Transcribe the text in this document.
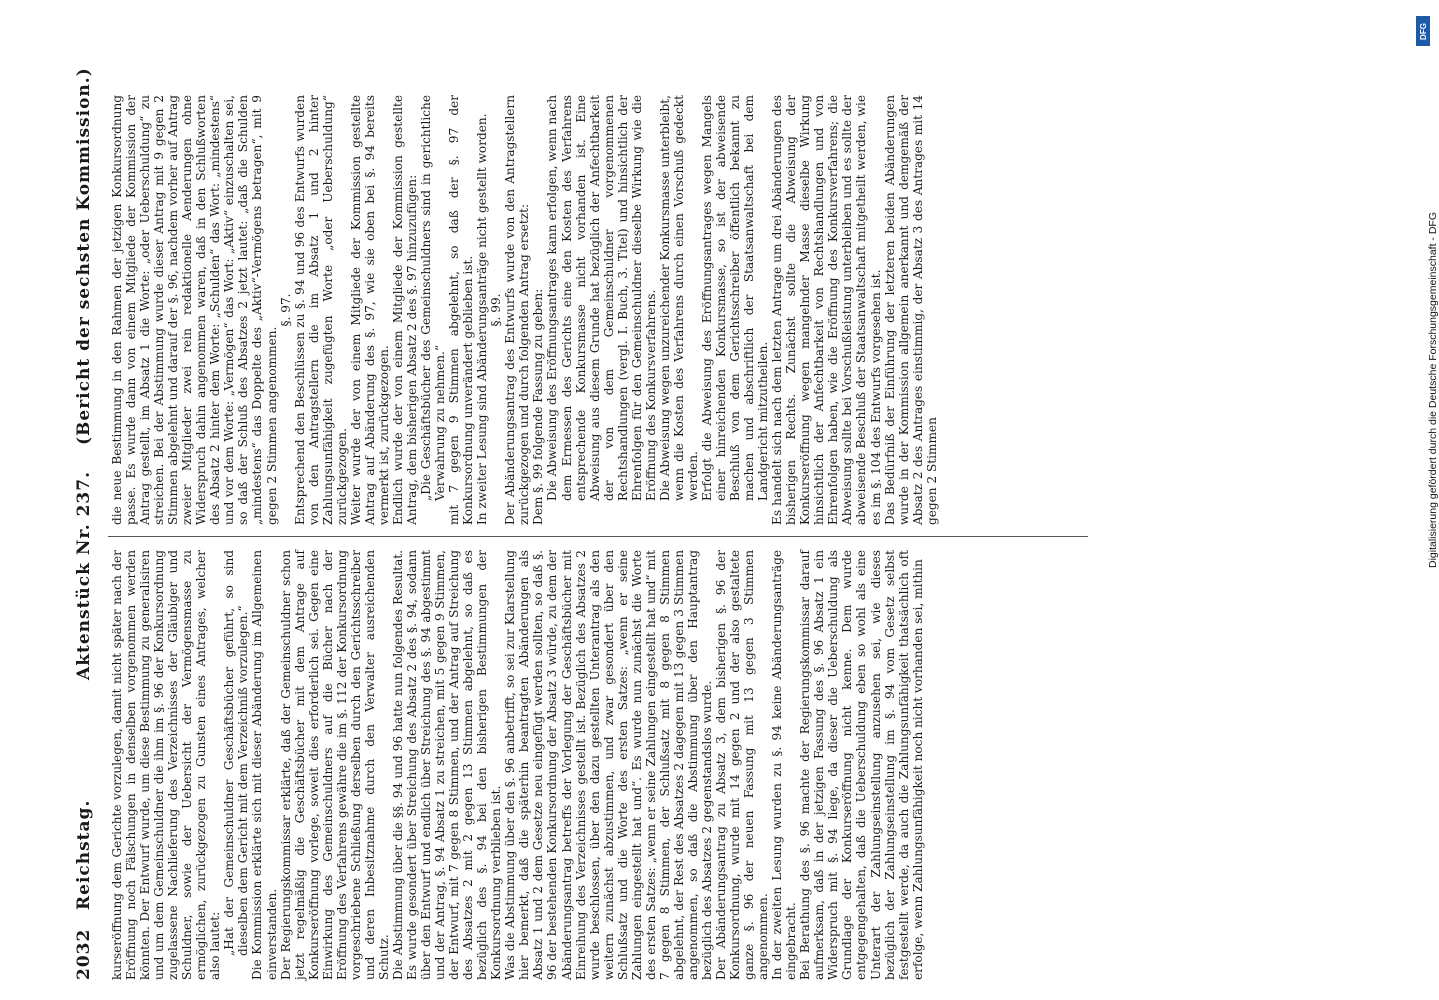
2032
Reichstag.
Aktenstück Nr. 237.
(Bericht der sechsten Kommission.)

kurseröffnung dem Gerichte vorzulegen, damit nicht später nach der Eröffnung noch Fälschungen in denselben vorgenommen werden könnten. Der Entwurf wurde, um diese Bestimmung zu generalisiren und um dem Gemeinschuldner die ihm im §. 96 der Konkursordnung zugelassene Nachlieferung des Verzeichnisses der Gläubiger und Schuldner, sowie der Uebersicht der Vermögensmasse zu ermöglichen, zurückgezogen zu Gunsten eines Antrages, welcher also lautet: „Hat der Gemeinschuldner Geschäftsbücher geführt, so sind dieselben dem Gericht mit dem Verzeichniß vorzulegen.“ Die Kommission erklärte sich mit dieser Abänderung im Allgemeinen einverstanden. Der Regierungskommissar erklärte, daß der Gemeinschuldner schon jetzt regelmäßig die Geschäftsbücher mit dem Antrage auf Konkurseröffnung vorlege, soweit dies erforderlich sei. Gegen eine Einwirkung des Gemeinschuldners auf die Bücher nach der Eröffnung des Verfahrens gewähre die im §. 112 der Konkursordnung vorgeschriebene Schließung derselben durch den Gerichtsschreiber und deren Inbesitznahme durch den Verwalter ausreichenden Schutz. Die Abstimmung über die §§. 94 und 96 hatte nun folgendes Resultat. Es wurde gesondert über Streichung des Absatz 2 des §. 94, sodann über den Entwurf und endlich über Streichung des §. 94 abgestimmt und der Antrag, §. 94 Absatz 1 zu streichen, mit 5 gegen 9 Stimmen, der Entwurf, mit 7 gegen 8 Stimmen, und der Antrag auf Streichung des Absatzes 2 mit 2 gegen 13 Stimmen abgelehnt, so daß es bezüglich des §. 94 bei den bisherigen Bestimmungen der Konkursordnung verblieben ist. Was die Abstimmung über den §. 96 anbetrifft, so sei zur Klarstellung hier bemerkt, daß die späterhin beantragten Abänderungen als Absatz 1 und 2 dem Gesetze neu eingefügt werden sollten, so daß §. 96 der bestehenden Konkursordnung der Absatz 3 würde, zu dem der Abänderungsantrag betreffs der Vorlegung der Geschäftsbücher mit Einreihung des Verzeichnisses gestellt ist. Bezüglich des Absatzes 2 wurde beschlossen, über den dazu gestellten Unterantrag als den weitern zunächst abzustimmen, und zwar gesondert über den Schlußsatz und die Worte des ersten Satzes: „wenn er seine Zahlungen eingestellt hat und“. Es wurde nun zunächst die Worte des ersten Satzes: „wenn er seine Zahlungen eingestellt hat und“ mit 7 gegen 8 Stimmen, der Schlußsatz mit 8 gegen 8 Stimmen abgelehnt, der Rest des Absatzes 2 dagegen mit 13 gegen 3 Stimmen angenommen, so daß die Abstimmung über den Hauptantrag bezüglich des Absatzes 2 gegenstandslos wurde. Der Abänderungsantrag zu Absatz 3, dem bisherigen §. 96 der Konkursordnung, wurde mit 14 gegen 2 und der also gestaltete ganze §. 96 der neuen Fassung mit 13 gegen 3 Stimmen angenommen. In der zweiten Lesung wurden zu §. 94 keine Abänderungsanträge eingebracht. Bei Berathung des §. 96 machte der Regierungskommissar darauf aufmerksam, daß in der jetzigen Fassung des §. 96 Absatz 1 ein Widerspruch mit §. 94 liege, da dieser die Ueberschuldung als Grundlage der Konkurseröffnung nicht kenne. Dem wurde entgegengehalten, daß die Ueberschuldung eben so wohl als eine Unterart der Zahlungseinstellung anzusehen sei, wie dieses bezüglich der Zahlungseinstellung im §. 94 vom Gesetz selbst festgestellt werde, da auch die Zahlungsunfähigkeit thatsächlich oft erfolge, wenn Zahlungsunfähigkeit noch nicht vorhanden sei, mithin

die neue Bestimmung in den Rahmen der jetzigen Konkursordnung passe. Es wurde dann von einem Mitgliede der Kommission der Antrag gestellt, im Absatz 1 die Worte: „oder Ueberschuldung“ zu streichen. Bei der Abstimmung wurde dieser Antrag mit 9 gegen 2 Stimmen abgelehnt und darauf der §. 96, nachdem vorher auf Antrag zweier Mitglieder zwei rein redaktionelle Aenderungen ohne Widerspruch dahin angenommen waren, daß in den Schlußworten des Absatz 2 hinter dem Worte: „Schulden“ das Wort: „mindestens“ und vor dem Worte: „Vermögen“ das Wort: „Aktiv“ einzuschalten sei, so daß der Schluß des Absatzes 2 jetzt lautet: „daß die Schulden „mindestens“ das Doppelte des „Aktiv“-Vermögens betragen“, mit 9 gegen 2 Stimmen angenommen.

§. 97. Entsprechend den Beschlüssen zu §. 94 und 96 des Entwurfs wurden von den Antragstellern die im Absatz 1 und 2 hinter Zahlungsunfähigkeit zugefügten Worte „oder Ueberschuldung“ zurückgezogen. Weiter wurde der von einem Mitgliede der Kommission gestellte Antrag auf Abänderung des §. 97, wie sie oben bei §. 94 bereits vermerkt ist, zurückgezogen. Endlich wurde der von einem Mitgliede der Kommission gestellte Antrag, dem bisherigen Absatz 2 des §. 97 hinzuzufügen: „Die Geschäftsbücher des Gemeinschuldners sind in gerichtliche Verwahrung zu nehmen.“ mit 7 gegen 9 Stimmen abgelehnt, so daß der §. 97 der Konkursordnung unverändert geblieben ist. In zweiter Lesung sind Abänderungsanträge nicht gestellt worden. §. 99. Der Abänderungsantrag des Entwurfs wurde von den Antragstellern zurückgezogen und durch folgenden Antrag ersetzt: Dem §. 99 folgende Fassung zu geben: Die Abweisung des Eröffnungsantrages kann erfolgen, wenn nach dem Ermessen des Gerichts eine den Kosten des Verfahrens entsprechende Konkursmasse nicht vorhanden ist. Eine Abweisung aus diesem Grunde hat bezüglich der Anfechtbarkeit der von dem Gemeinschuldner vorgenommenen Rechtshandlungen (vergl. I. Buch, 3. Titel) und hinsichtlich der Ehrenfolgen für den Gemeinschuldner dieselbe Wirkung wie die Eröffnung des Konkursverfahrens. Die Abweisung wegen unzureichender Konkursmasse unterbleibt, wenn die Kosten des Verfahrens durch einen Vorschuß gedeckt werden. Erfolgt die Abweisung des Eröffnungsantrages wegen Mangels einer hinreichenden Konkursmasse, so ist der abweisende Beschluß von dem Gerichtsschreiber öffentlich bekannt zu machen und abschriftlich der Staatsanwaltschaft bei dem Landgericht mitzutheilen. Es handelt sich nach dem letzten Antrage um drei Abänderungen des bisherigen Rechts. Zunächst sollte die Abweisung der Konkurseröffnung wegen mangelnder Masse dieselbe Wirkung hinsichtlich der Anfechtbarkeit von Rechtshandlungen und von Ehrenfolgen haben, wie die Eröffnung des Konkursverfahrens; die Abweisung sollte bei Vorschußleistung unterbleiben und es sollte der abweisende Beschluß der Staatsanwaltschaft mitgetheilt werden, wie es im §. 104 des Entwurfs vorgesehen ist. Das Bedürfniß der Einführung der letzteren beiden Abänderungen wurde in der Kommission allgemein anerkannt und demgemäß der Absatz 2 des Antrages einstimmig, der Absatz 3 des Antrages mit 14 gegen 2 Stimmen

DFG
Digitalisierung gefördert durch die Deutsche Forschungsgemeinschaft - DFG
